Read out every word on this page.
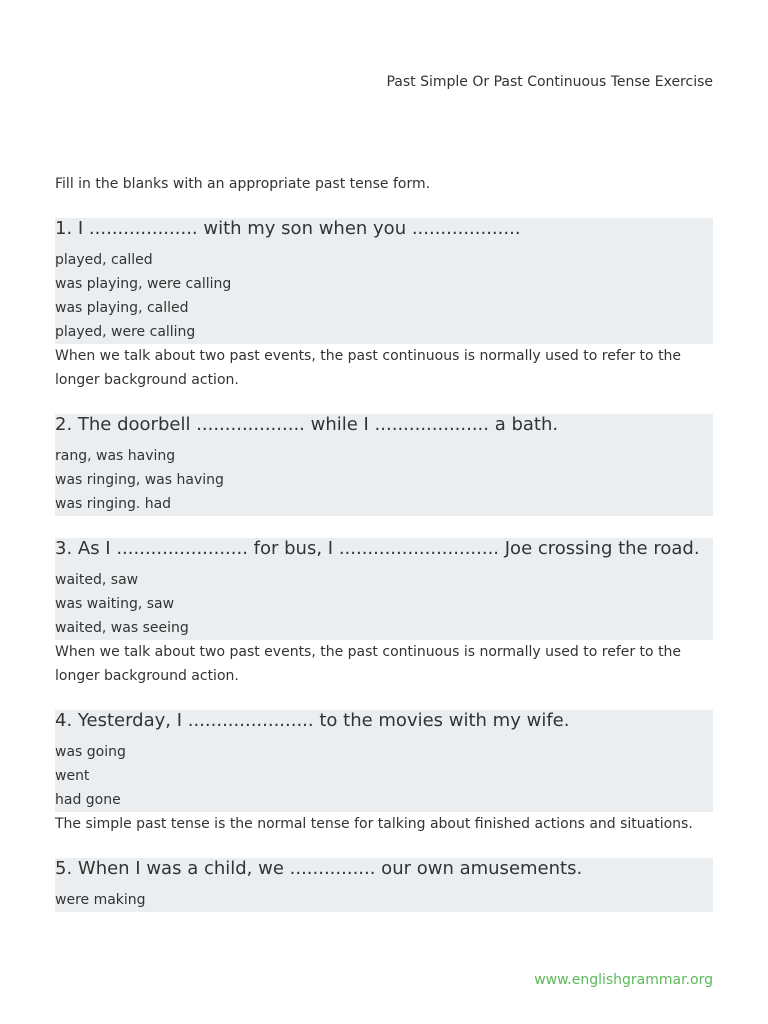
Past Simple Or Past Continuous Tense Exercise
Fill in the blanks with an appropriate past tense form.
1. I ................... with my son when you ...................
played, called
was playing, were calling
was playing, called
played, were calling
When we talk about two past events, the past continuous is normally used to refer to the longer background action.
2. The doorbell ................... while I .................... a bath.
rang, was having
was ringing, was having
was ringing. had
3. As I ....................... for bus, I ............................ Joe crossing the road.
waited, saw
was waiting, saw
waited, was seeing
When we talk about two past events, the past continuous is normally used to refer to the longer background action.
4. Yesterday, I ...................... to the movies with my wife.
was going
went
had gone
The simple past tense is the normal tense for talking about finished actions and situations.
5. When I was a child, we ............... our own amusements.
were making
www.englishgrammar.org
